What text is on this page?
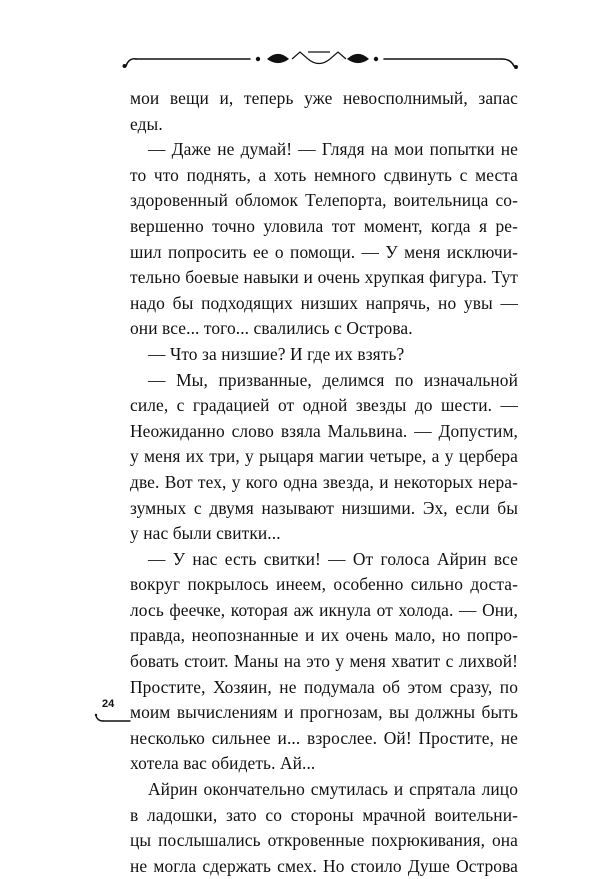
мои вещи и, теперь уже невосполнимый, запас
еды.
— Даже не думай! — Глядя на мои попытки не
то что поднять, а хоть немного сдвинуть с места
здоровенный обломок Телепорта, воительница со-
вершенно точно уловила тот момент, когда я ре-
шил попросить ее о помощи. — У меня исключи-
тельно боевые навыки и очень хрупкая фигура. Тут
надо бы подходящих низших напрячь, но увы —
они все... того... свалились с Острова.
— Что за низшие? И где их взять?
— Мы, призванные, делимся по изначальной
силе, с градацией от одной звезды до шести. —
Неожиданно слово взяла Мальвина. — Допустим,
у меня их три, у рыцаря магии четыре, а у цербера
две. Вот тех, у кого одна звезда, и некоторых нера-
зумных с двумя называют низшими. Эх, если бы
у нас были свитки...
— У нас есть свитки! — От голоса Айрин все
вокруг покрылось инеем, особенно сильно доста-
лось феечке, которая аж икнула от холода. — Они,
правда, неопознанные и их очень мало, но попро-
бовать стоит. Маны на это у меня хватит с лихвой!
Простите, Хозяин, не подумала об этом сразу, по
моим вычислениям и прогнозам, вы должны быть
несколько сильнее и... взрослее. Ой! Простите, не
хотела вас обидеть. Ай...
Айрин окончательно смутилась и спрятала лицо
в ладошки, зато со стороны мрачной воительни-
цы послышались откровенные похрюкивания, она
не могла сдержать смех. Но стоило Душе Острова
24
